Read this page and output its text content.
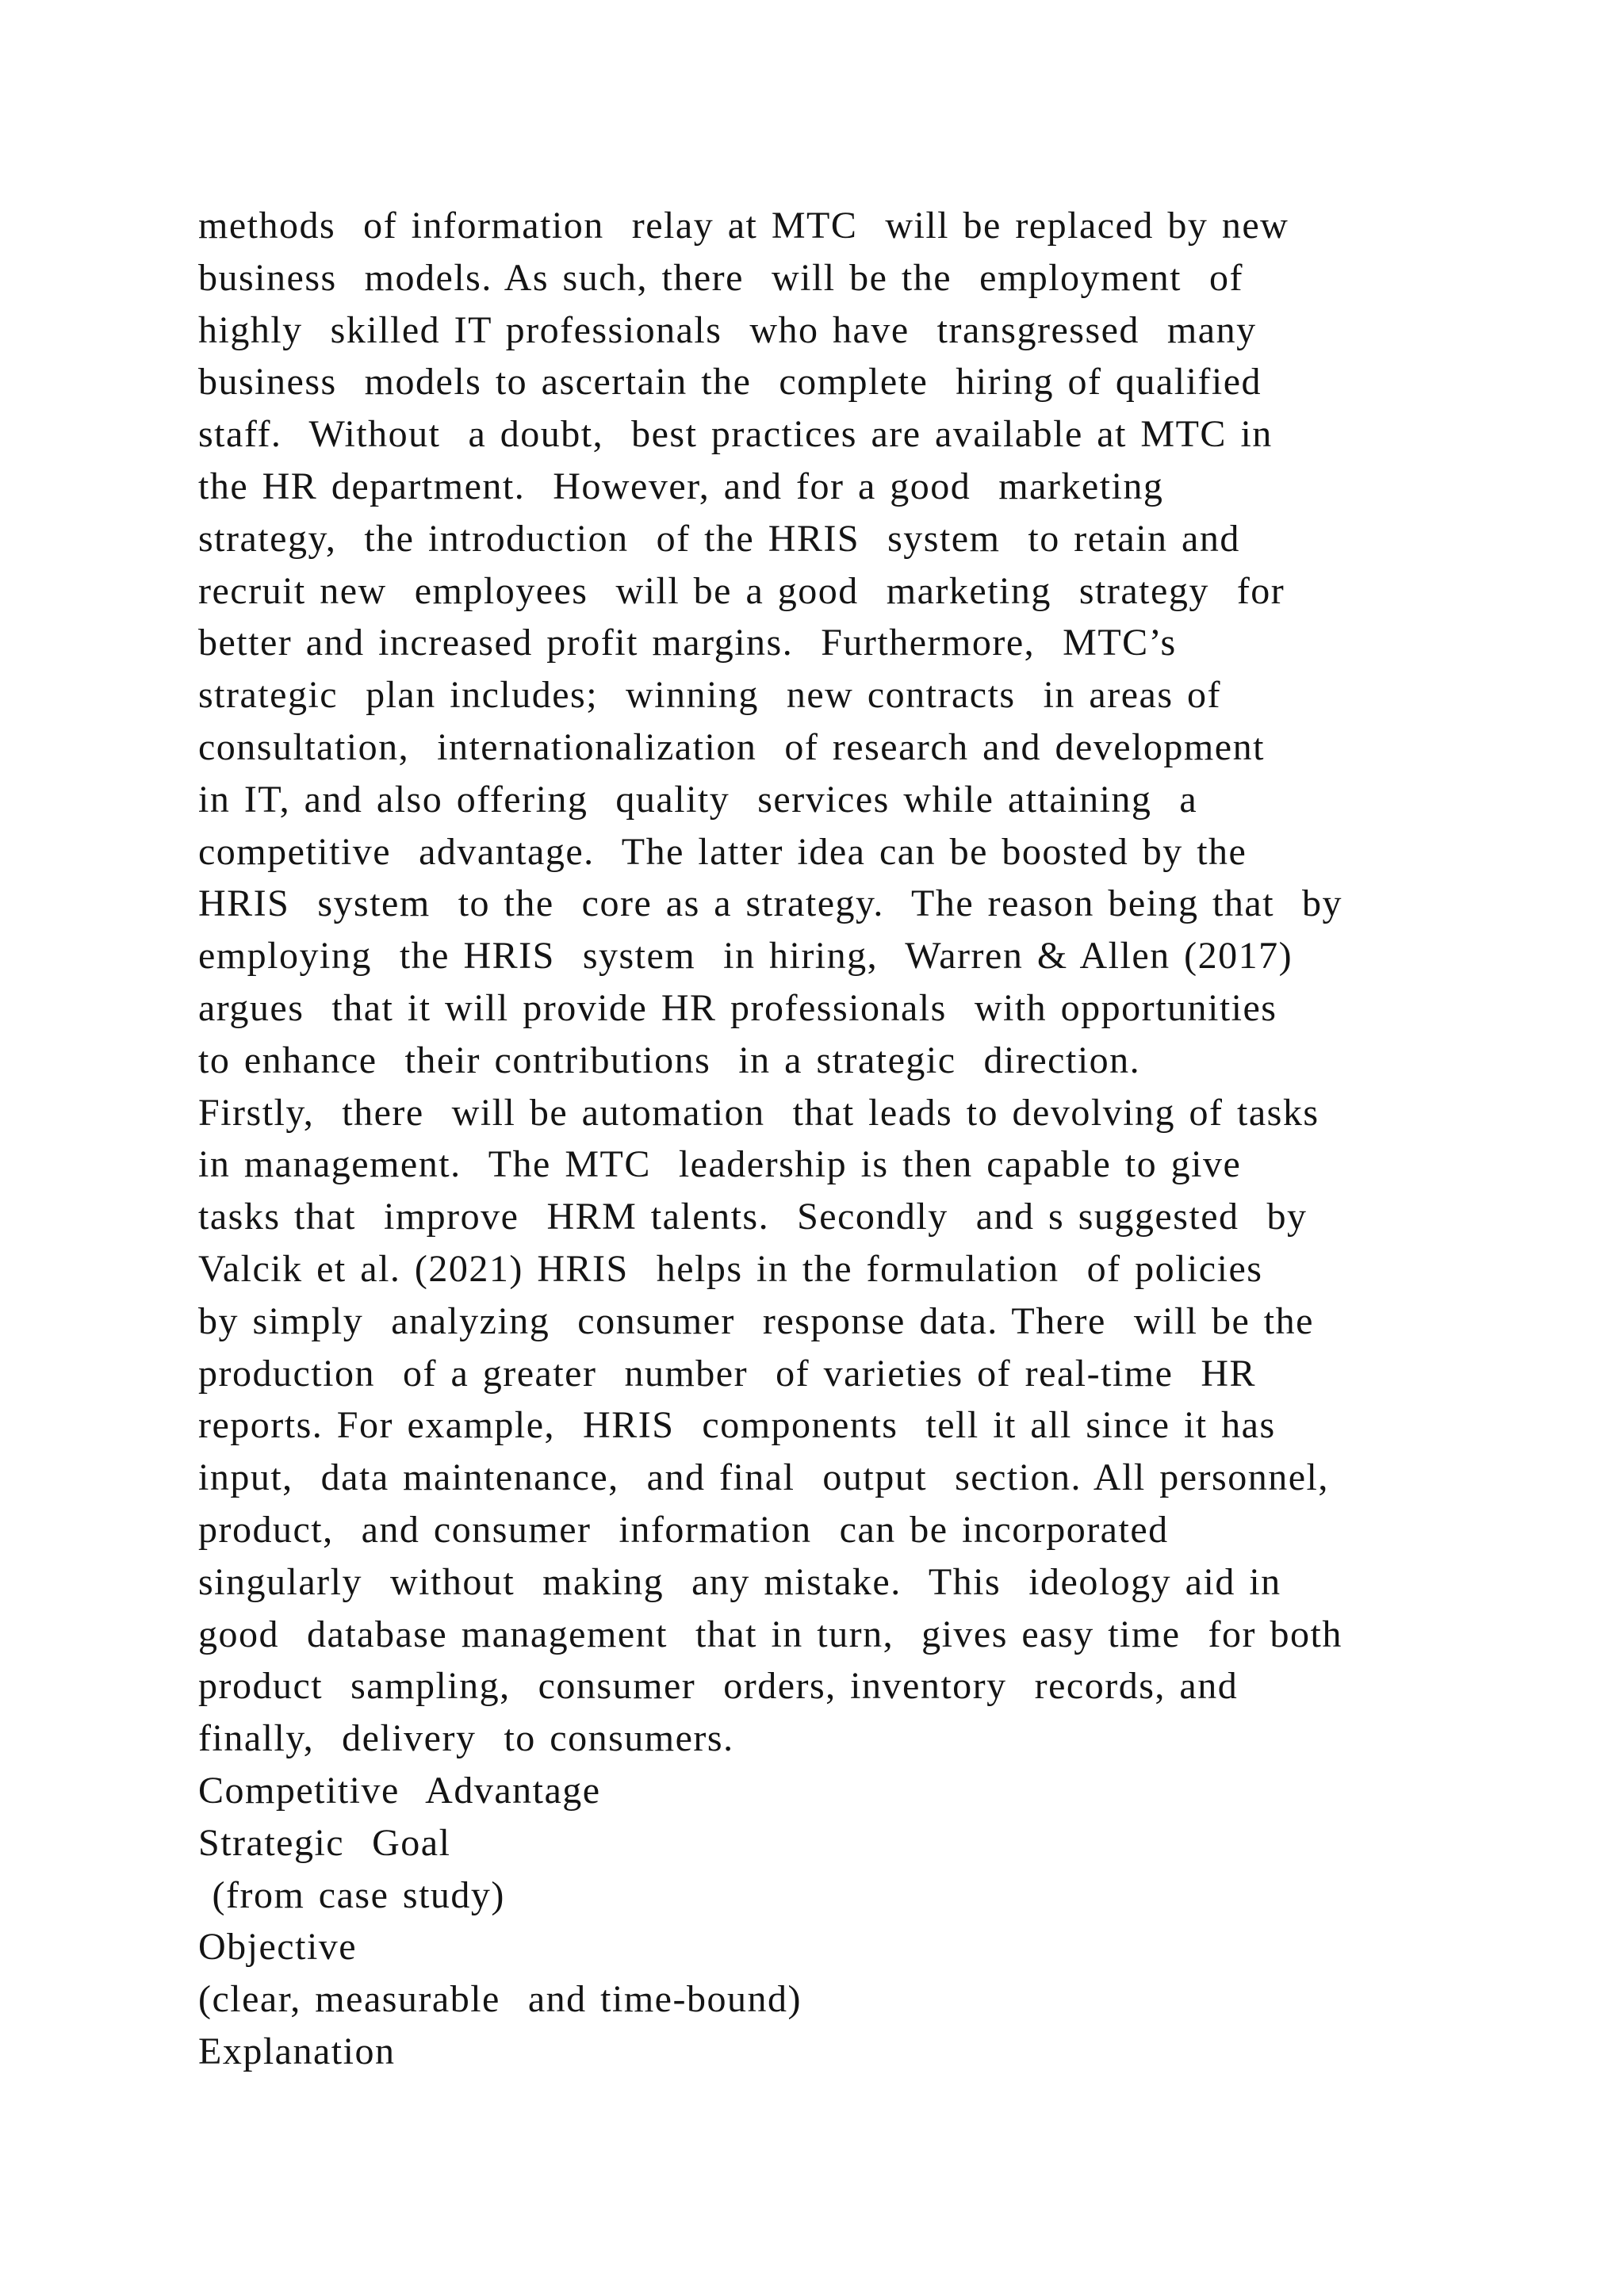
methods  of information  relay at MTC  will be replaced by new
business  models. As such, there  will be the  employment  of
highly  skilled IT professionals  who have  transgressed  many
business  models to ascertain the  complete  hiring of qualified
staff.  Without  a doubt,  best practices are available at MTC in
the HR department.  However, and for a good  marketing
strategy,  the introduction  of the HRIS  system  to retain and
recruit new  employees  will be a good  marketing  strategy  for
better and increased profit margins.  Furthermore,  MTC’s
strategic  plan includes;  winning  new contracts  in areas of
consultation,  internationalization  of research and development
in IT, and also offering  quality  services while attaining  a
competitive  advantage.  The latter idea can be boosted by the
HRIS  system  to the  core as a strategy.  The reason being that  by
employing  the HRIS  system  in hiring,  Warren & Allen (2017)
argues  that it will provide HR professionals  with opportunities
to enhance  their contributions  in a strategic  direction.
Firstly,  there  will be automation  that leads to devolving of tasks
in management.  The MTC  leadership is then capable to give
tasks that  improve  HRM talents.  Secondly  and s suggested  by
Valcik et al. (2021) HRIS  helps in the formulation  of policies
by simply  analyzing  consumer  response data. There  will be the
production  of a greater  number  of varieties of real-time  HR
reports. For example,  HRIS  components  tell it all since it has
input,  data maintenance,  and final  output  section. All personnel,
product,  and consumer  information  can be incorporated
singularly  without  making  any mistake.  This  ideology aid in
good  database management  that in turn,  gives easy time  for both
product  sampling,  consumer  orders, inventory  records, and
finally,  delivery  to consumers.
Competitive  Advantage
Strategic  Goal
(from case study)
Objective
(clear, measurable  and time-bound)
Explanation
